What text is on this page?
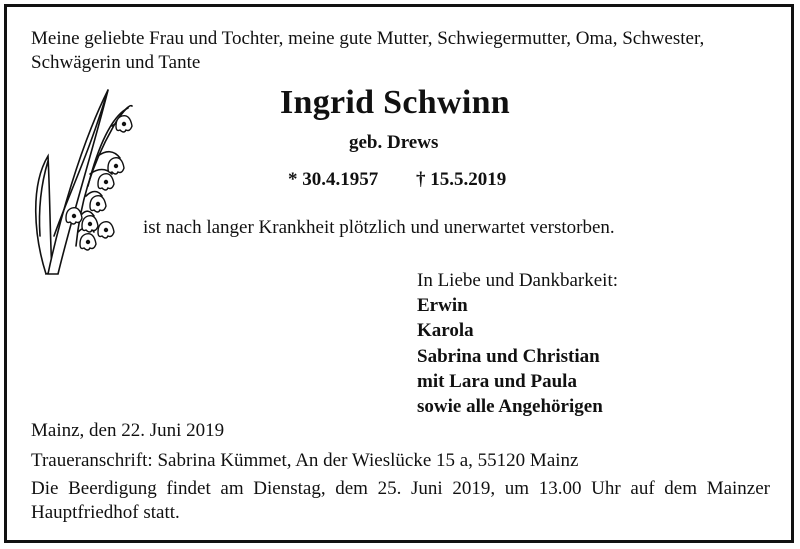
Meine geliebte Frau und Tochter, meine gute Mutter, Schwiegermutter, Oma, Schwester, Schwägerin und Tante
Ingrid Schwinn
geb. Drews
* 30.4.1957 † 15.5.2019
ist nach langer Krankheit plötzlich und unerwartet verstorben.
In Liebe und Dankbarkeit:
Erwin
Karola
Sabrina und Christian
mit Lara und Paula
sowie alle Angehörigen
Mainz, den 22. Juni 2019
Traueranschrift: Sabrina Kümmet, An der Wieslücke 15 a, 55120 Mainz
Die Beerdigung findet am Dienstag, dem 25. Juni 2019, um 13.00 Uhr auf dem Mainzer Hauptfriedhof statt.
